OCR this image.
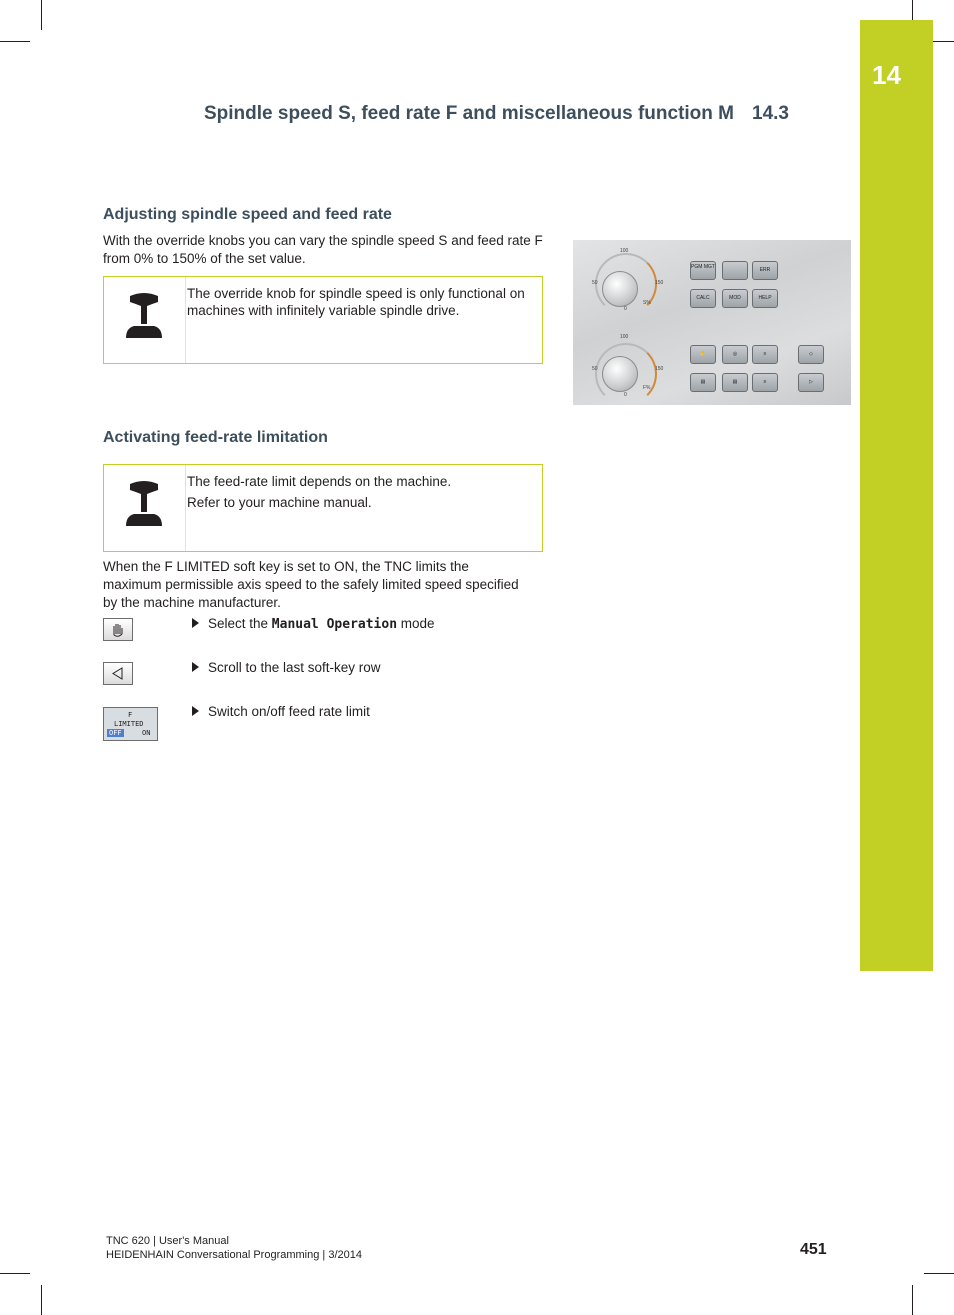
14
Spindle speed S, feed rate F and miscellaneous function M 14.3
Adjusting spindle speed and feed rate

With the override knobs you can vary the spindle speed S and feed rate F from 0% to 150% of the set value.

The override knob for spindle speed is only functional on machines with infinitely variable spindle drive.
100
50	150
0
S%
100
50	150
0
F%
PGM MGT	ERR
CALC	MOD	HELP
✋	◎	≡	◇
▤	▤	≡	▷
Activating feed-rate limitation
The feed-rate limit depends on the machine.
Refer to your machine manual.

When the F LIMITED soft key is set to ON, the TNC limits the maximum permissible axis speed to the safely limited speed specified by the machine manufacturer.

Select the Manual Operation mode
Scroll to the last soft-key row
F
LIMITED
OFF	ON
Switch on/off feed rate limit
TNC 620 | User's Manual
HEIDENHAIN Conversational Programming | 3/2014	451
